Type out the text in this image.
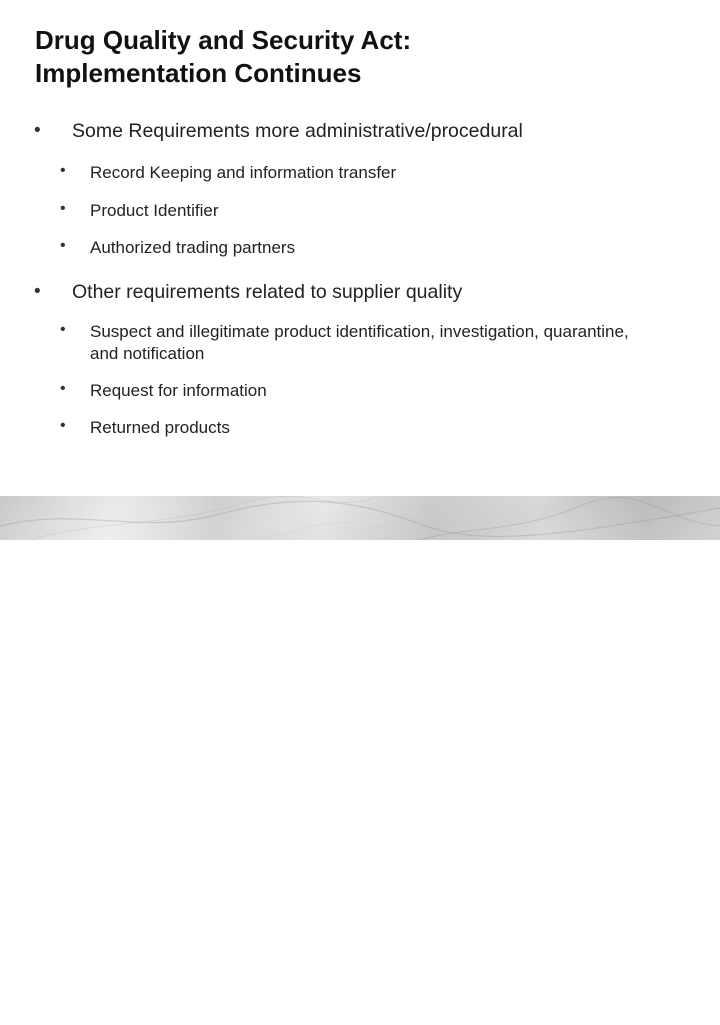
Drug Quality and Security Act:
Implementation Continues
• Some Requirements more administrative/procedural
• Record Keeping and information transfer
• Product Identifier
• Authorized trading partners
• Other requirements related to supplier quality
• Suspect and illegitimate product identification, investigation, quarantine, and notification
• Request for information
• Returned products
SHOOK
HARDY & BACON
